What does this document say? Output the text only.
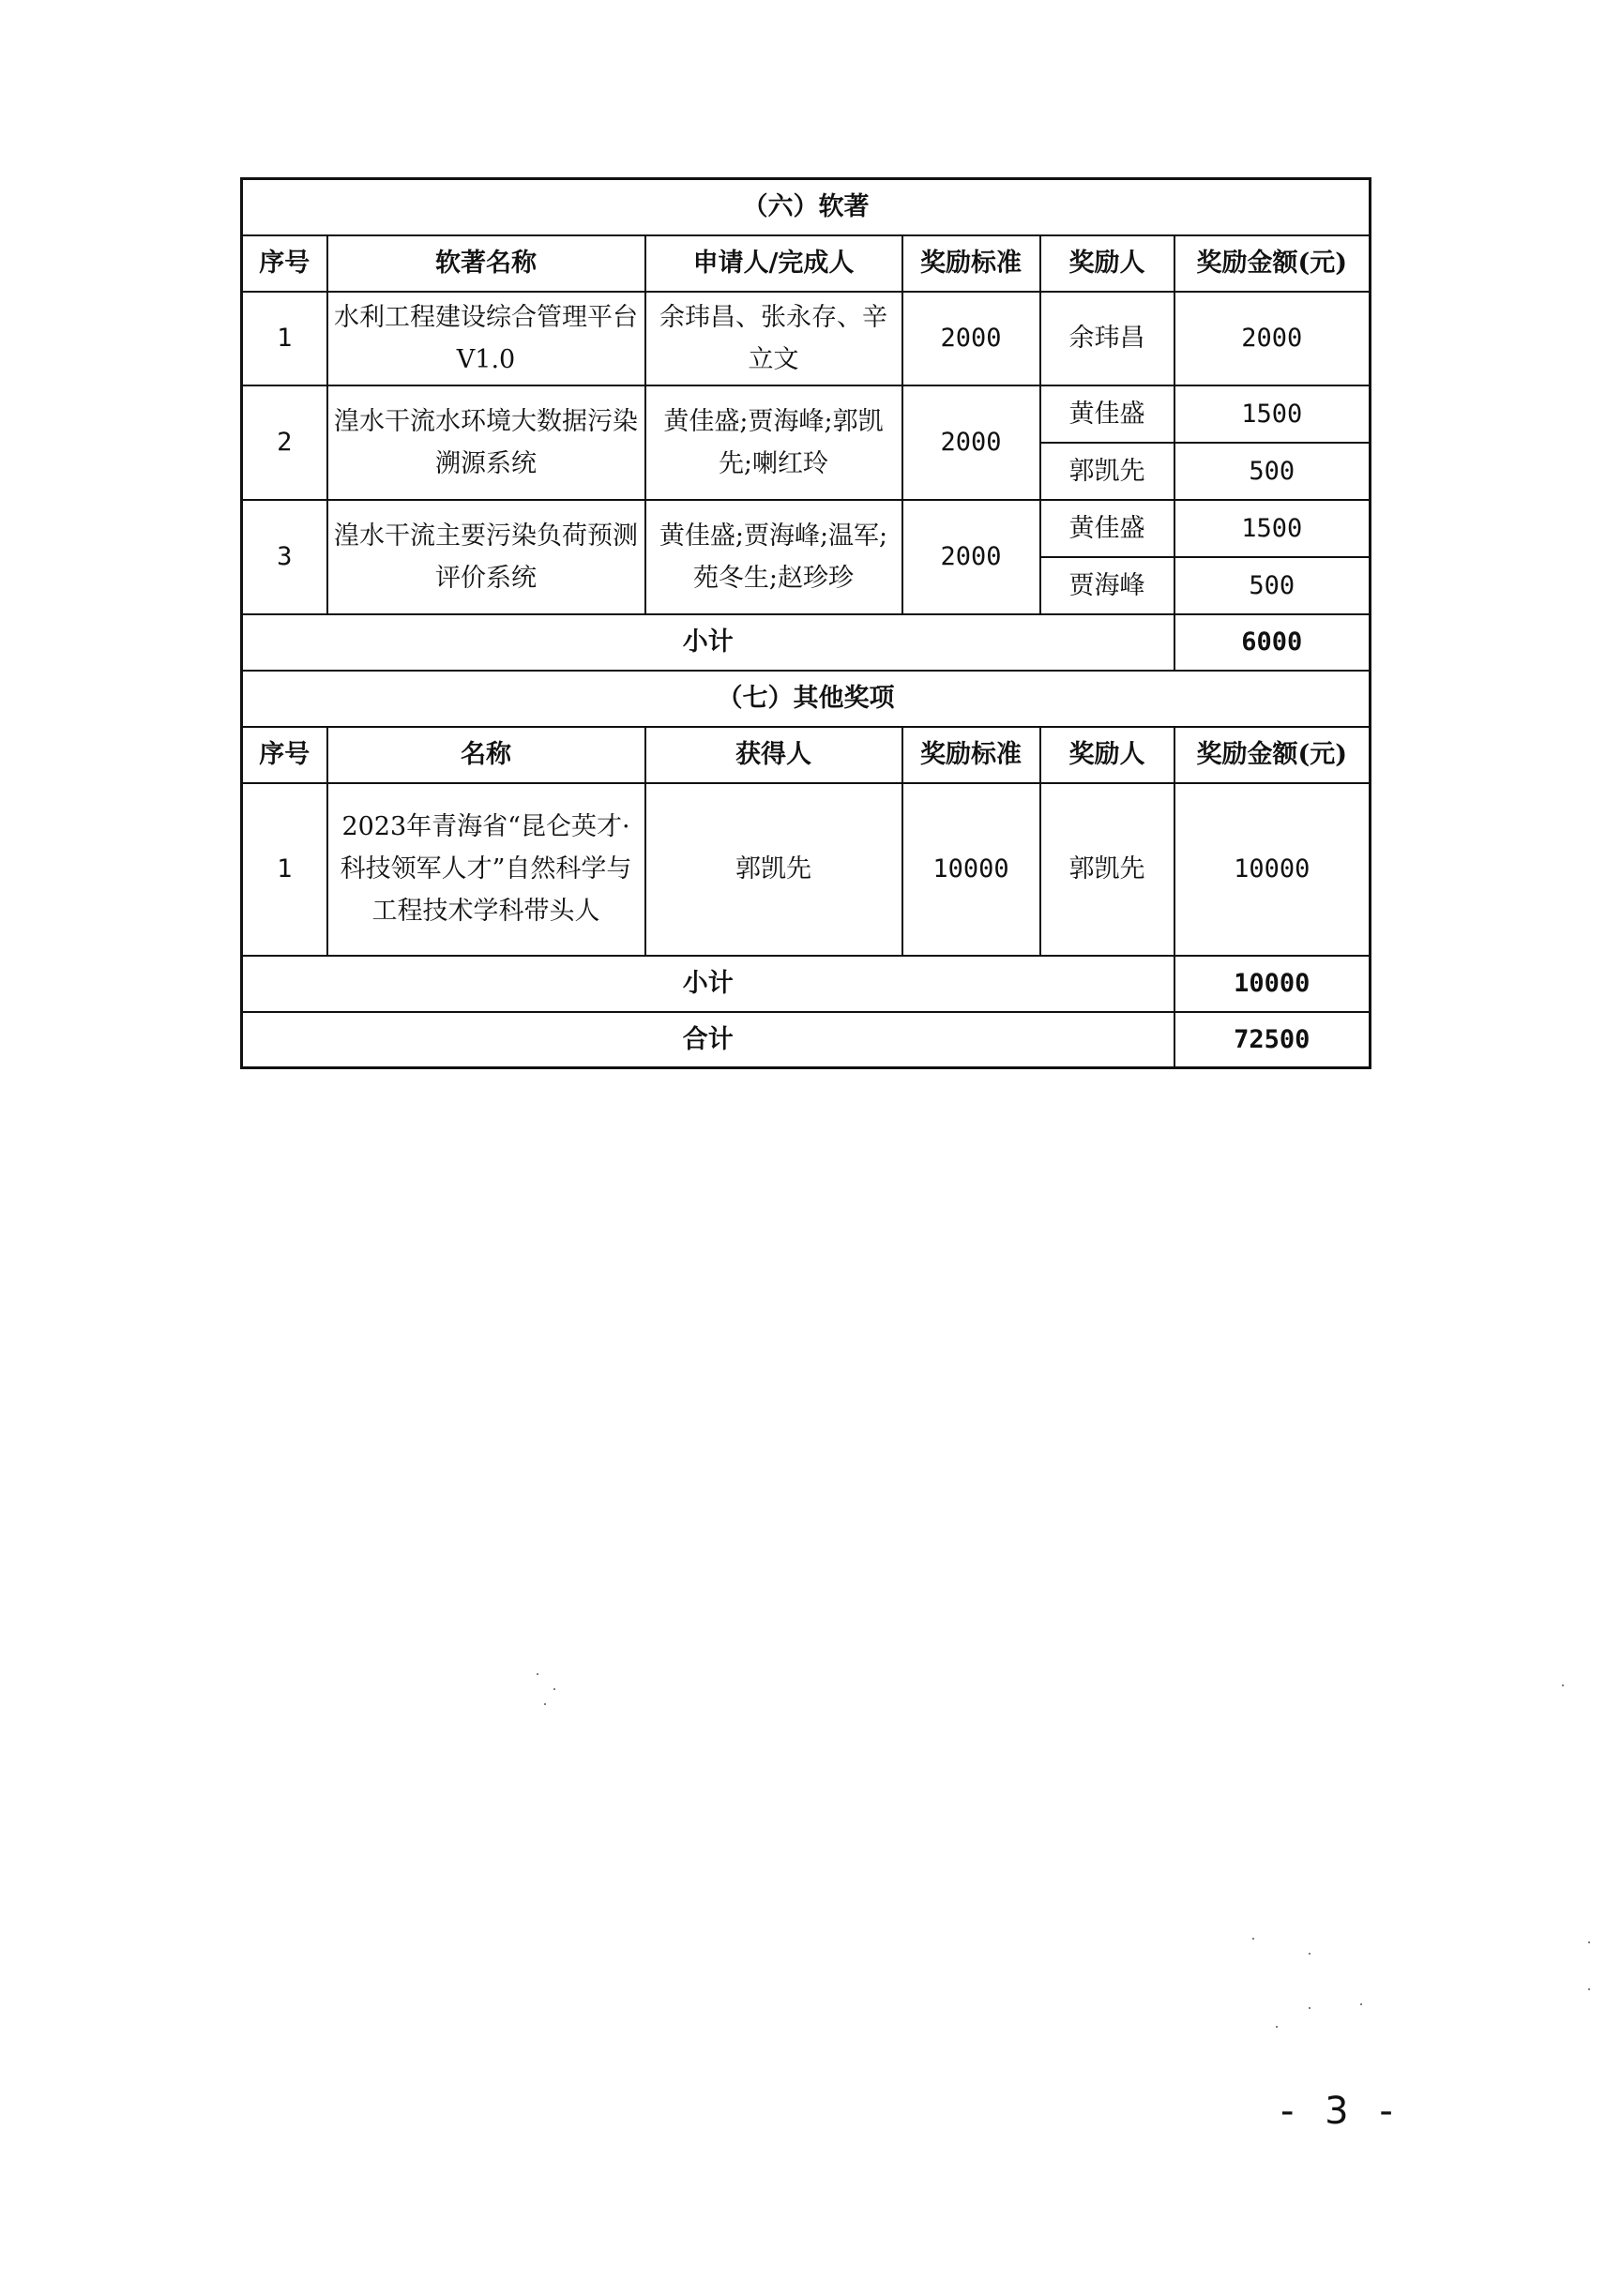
（六）软著					
序号	软著名称	申请人/完成人	奖励标准	奖励人	奖励金额(元)
1	水利工程建设综合管理平台 V1.0	余玮昌、张永存、辛立文	2000	余玮昌	2000
2	湟水干流水环境大数据污染溯源系统	黄佳盛;贾海峰;郭凯先;喇红玲	2000	黄佳盛	1500
				郭凯先	500
3	湟水干流主要污染负荷预测评价系统	黄佳盛;贾海峰;温军;苑冬生;赵珍珍	2000	黄佳盛	1500
				贾海峰	500
小计					6000
（七）其他奖项					
序号	名称	获得人	奖励标准	奖励人	奖励金额(元)
1	2023年青海省“昆仑英才·科技领军人才”自然科学与工程技术学科带头人	郭凯先	10000	郭凯先	10000
小计					10000
合计					72500
- 3 -
